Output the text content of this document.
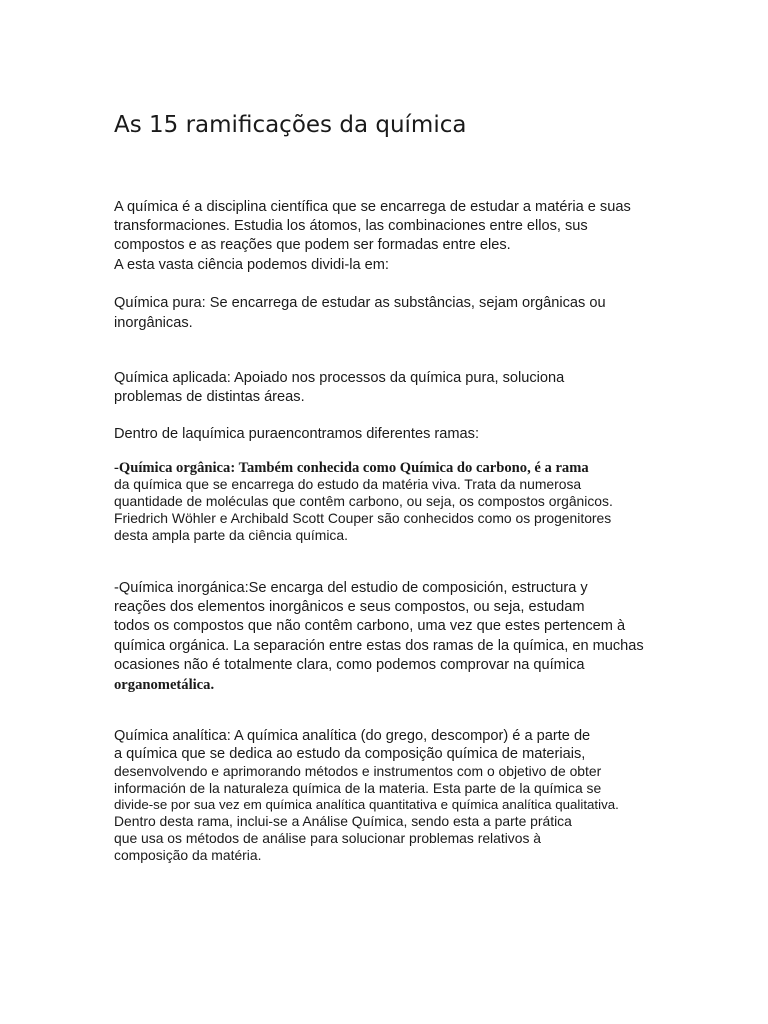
As 15 ramificações da química
A química é a disciplina científica que se encarrega de estudar a matéria e suas
transformaciones. Estudia los átomos, las combinaciones entre ellos, sus
compostos e as reações que podem ser formadas entre eles.
A esta vasta ciência podemos dividi-la em:
Química pura: Se encarrega de estudar as substâncias, sejam orgânicas ou
inorgânicas.
Química aplicada: Apoiado nos processos da química pura, soluciona
problemas de distintas áreas.
Dentro de laquímica puraencontramos diferentes ramas:
-Química orgânica: Também conhecida como Química do carbono, é a rama
da química que se encarrega do estudo da matéria viva. Trata da numerosa
quantidade de moléculas que contêm carbono, ou seja, os compostos orgânicos.
Friedrich Wöhler e Archibald Scott Couper são conhecidos como os progenitores
desta ampla parte da ciência química.
-Química inorgánica:Se encarga del estudio de composición, estructura y
reações dos elementos inorgânicos e seus compostos, ou seja, estudam
todos os compostos que não contêm carbono, uma vez que estes pertencem à
química orgánica. La separación entre estas dos ramas de la química, en muchas
ocasiones não é totalmente clara, como podemos comprovar na química
organometálica.
Química analítica: A química analítica (do grego, descompor) é a parte de
a química que se dedica ao estudo da composição química de materiais,
desenvolvendo e aprimorando métodos e instrumentos com o objetivo de obter
información de la naturaleza química de la materia. Esta parte de la química se
divide-se por sua vez em química analítica quantitativa e química analítica qualitativa.
Dentro desta rama, inclui-se a Análise Química, sendo esta a parte prática
que usa os métodos de análise para solucionar problemas relativos à
composição da matéria.
